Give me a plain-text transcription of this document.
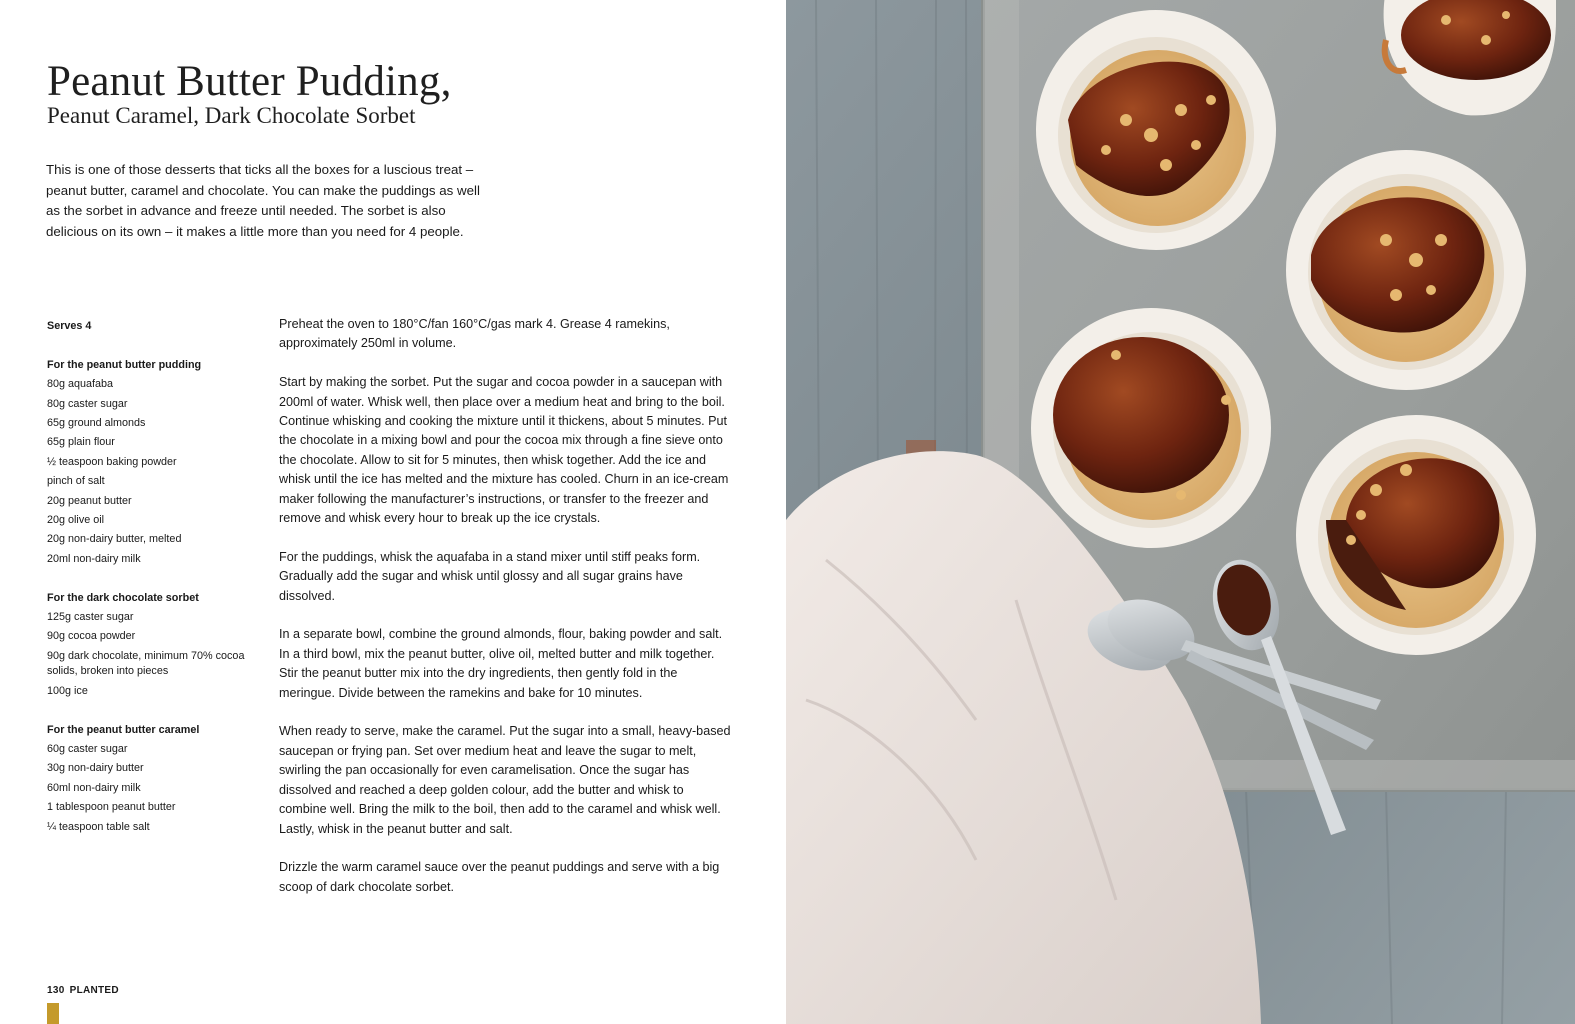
Peanut Butter Pudding,
Peanut Caramel, Dark Chocolate Sorbet

This is one of those desserts that ticks all the boxes for a luscious treat – peanut butter, caramel and chocolate. You can make the puddings as well as the sorbet in advance and freeze until needed. The sorbet is also delicious on its own – it makes a little more than you need for 4 people.

Serves 4
For the peanut butter pudding
80g aquafaba
80g caster sugar
65g ground almonds
65g plain flour
½ teaspoon baking powder
pinch of salt
20g peanut butter
20g olive oil
20g non-dairy butter, melted
20ml non-dairy milk
For the dark chocolate sorbet
125g caster sugar
90g cocoa powder
90g dark chocolate, minimum 70% cocoa solids, broken into pieces
100g ice
For the peanut butter caramel
60g caster sugar
30g non-dairy butter
60ml non-dairy milk
1 tablespoon peanut butter
¼ teaspoon table salt

Preheat the oven to 180°C/fan 160°C/gas mark 4. Grease 4 ramekins, approximately 250ml in volume.

Start by making the sorbet. Put the sugar and cocoa powder in a saucepan with 200ml of water. Whisk well, then place over a medium heat and bring to the boil. Continue whisking and cooking the mixture until it thickens, about 5 minutes. Put the chocolate in a mixing bowl and pour the cocoa mix through a fine sieve onto the chocolate. Allow to sit for 5 minutes, then whisk together. Add the ice and whisk until the ice has melted and the mixture has cooled. Churn in an ice-cream maker following the manufacturer’s instructions, or transfer to the freezer and remove and whisk every hour to break up the ice crystals.

For the puddings, whisk the aquafaba in a stand mixer until stiff peaks form. Gradually add the sugar and whisk until glossy and all sugar grains have dissolved.

In a separate bowl, combine the ground almonds, flour, baking powder and salt. In a third bowl, mix the peanut butter, olive oil, melted butter and milk together. Stir the peanut butter mix into the dry ingredients, then gently fold in the meringue. Divide between the ramekins and bake for 10 minutes.

When ready to serve, make the caramel. Put the sugar into a small, heavy-based saucepan or frying pan. Set over medium heat and leave the sugar to melt, swirling the pan occasionally for even caramelisation. Once the sugar has dissolved and reached a deep golden colour, add the butter and whisk to combine well. Bring the milk to the boil, then add to the caramel and whisk well. Lastly, whisk in the peanut butter and salt.

Drizzle the warm caramel sauce over the peanut puddings and serve with a big scoop of dark chocolate sorbet.

130 PLANTED
